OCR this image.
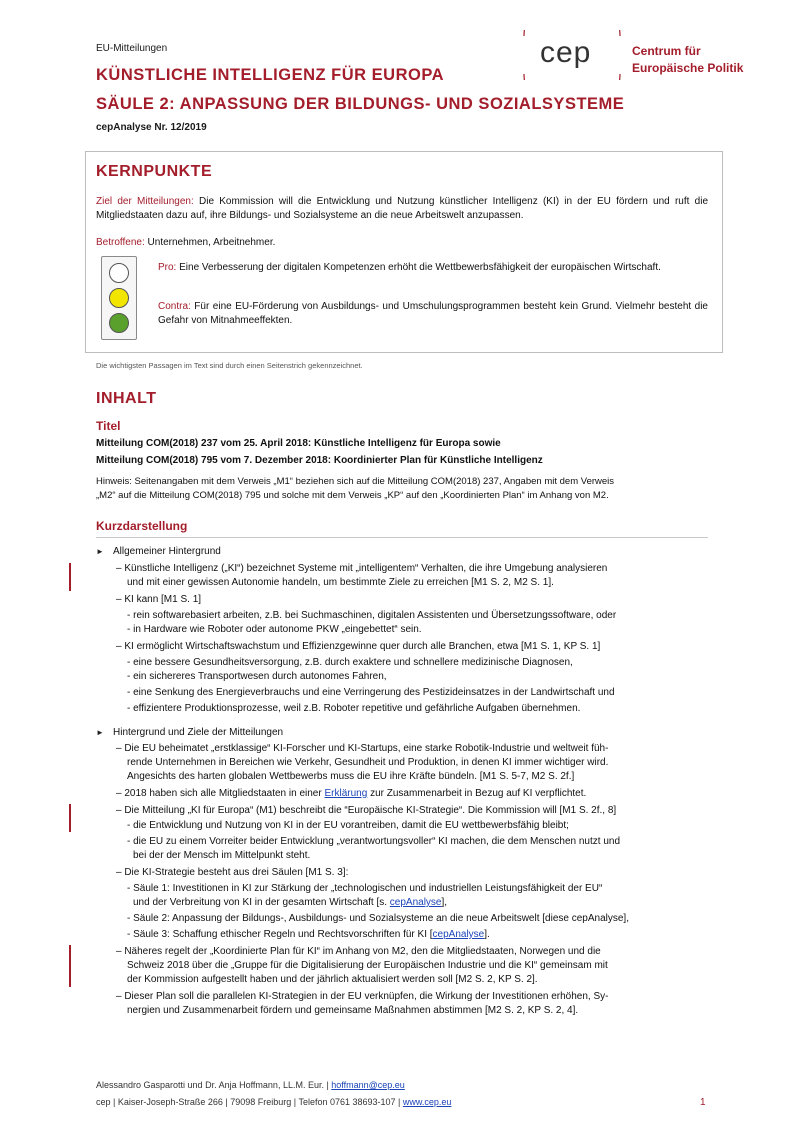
EU-Mitteilungen
KÜNSTLICHE INTELLIGENZ FÜR EUROPA
SÄULE 2: ANPASSUNG DER BILDUNGS- UND SOZIALSYSTEME
cepAnalyse Nr. 12/2019
cep	Centrum für
Europäische Politik
KERNPUNKTE
Ziel der Mitteilungen: Die Kommission will die Entwicklung und Nutzung künstlicher Intelligenz (KI) in der EU fördern und ruft die Mitgliedstaaten dazu auf, ihre Bildungs- und Sozialsysteme an die neue Arbeitswelt anzupassen.
Betroffene: Unternehmen, Arbeitnehmer.
Pro: Eine Verbesserung der digitalen Kompetenzen erhöht die Wettbewerbsfähigkeit der europäischen Wirtschaft.
Contra: Für eine EU-Förderung von Ausbildungs- und Umschulungsprogrammen besteht kein Grund. Vielmehr besteht die Gefahr von Mitnahmeeffekten.
Die wichtigsten Passagen im Text sind durch einen Seitenstrich gekennzeichnet.
INHALT
Titel
Mitteilung COM(2018) 237 vom 25. April 2018: Künstliche Intelligenz für Europa sowie
Mitteilung COM(2018) 795 vom 7. Dezember 2018: Koordinierter Plan für Künstliche Intelligenz
Hinweis: Seitenangaben mit dem Verweis „M1“ beziehen sich auf die Mitteilung COM(2018) 237, Angaben mit dem Verweis
„M2“ auf die Mitteilung COM(2018) 795 und solche mit dem Verweis „KP“ auf den „Koordinierten Plan“ im Anhang von M2.
Kurzdarstellung
► Allgemeiner Hintergrund
– Künstliche Intelligenz („KI“) bezeichnet Systeme mit „intelligentem“ Verhalten, die ihre Umgebung analysieren
und mit einer gewissen Autonomie handeln, um bestimmte Ziele zu erreichen [M1 S. 2, M2 S. 1].
– KI kann [M1 S. 1]
- rein softwarebasiert arbeiten, z.B. bei Suchmaschinen, digitalen Assistenten und Übersetzungssoftware, oder
- in Hardware wie Roboter oder autonome PKW „eingebettet“ sein.
– KI ermöglicht Wirtschaftswachstum und Effizienzgewinne quer durch alle Branchen, etwa [M1 S. 1, KP S. 1]
- eine bessere Gesundheitsversorgung, z.B. durch exaktere und schnellere medizinische Diagnosen,
- ein sichereres Transportwesen durch autonomes Fahren,
- eine Senkung des Energieverbrauchs und eine Verringerung des Pestizideinsatzes in der Landwirtschaft und
- effizientere Produktionsprozesse, weil z.B. Roboter repetitive und gefährliche Aufgaben übernehmen.
► Hintergrund und Ziele der Mitteilungen
– Die EU beheimatet „erstklassige“ KI-Forscher und KI-Startups, eine starke Robotik-Industrie und weltweit füh-
rende Unternehmen in Bereichen wie Verkehr, Gesundheit und Produktion, in denen KI immer wichtiger wird.
Angesichts des harten globalen Wettbewerbs muss die EU ihre Kräfte bündeln. [M1 S. 5-7, M2 S. 2f.]
– 2018 haben sich alle Mitgliedstaaten in einer Erklärung zur Zusammenarbeit in Bezug auf KI verpflichtet.
– Die Mitteilung „KI für Europa“ (M1) beschreibt die “Europäische KI-Strategie“. Die Kommission will [M1 S. 2f., 8]
- die Entwicklung und Nutzung von KI in der EU vorantreiben, damit die EU wettbewerbsfähig bleibt;
- die EU zu einem Vorreiter beider Entwicklung „verantwortungsvoller“ KI machen, die dem Menschen nutzt und
bei der der Mensch im Mittelpunkt steht.
– Die KI-Strategie besteht aus drei Säulen [M1 S. 3]:
- Säule 1: Investitionen in KI zur Stärkung der „technologischen und industriellen Leistungsfähigkeit der EU“
und der Verbreitung von KI in der gesamten Wirtschaft [s. cepAnalyse],
- Säule 2: Anpassung der Bildungs-, Ausbildungs- und Sozialsysteme an die neue Arbeitswelt [diese cepAnalyse],
- Säule 3: Schaffung ethischer Regeln und Rechtsvorschriften für KI [cepAnalyse].
– Näheres regelt der „Koordinierte Plan für KI“ im Anhang von M2, den die Mitgliedstaaten, Norwegen und die
Schweiz 2018 über die „Gruppe für die Digitalisierung der Europäischen Industrie und die KI“ gemeinsam mit
der Kommission aufgestellt haben und der jährlich aktualisiert werden soll [M2 S. 2, KP S. 2].
– Dieser Plan soll die parallelen KI-Strategien in der EU verknüpfen, die Wirkung der Investitionen erhöhen, Sy-
nergien und Zusammenarbeit fördern und gemeinsame Maßnahmen abstimmen [M2 S. 2, KP S. 2, 4].
Alessandro Gasparotti und Dr. Anja Hoffmann, LL.M. Eur. | hoffmann@cep.eu
cep | Kaiser-Joseph-Straße 266 | 79098 Freiburg | Telefon 0761 38693-107 | www.cep.eu	1
